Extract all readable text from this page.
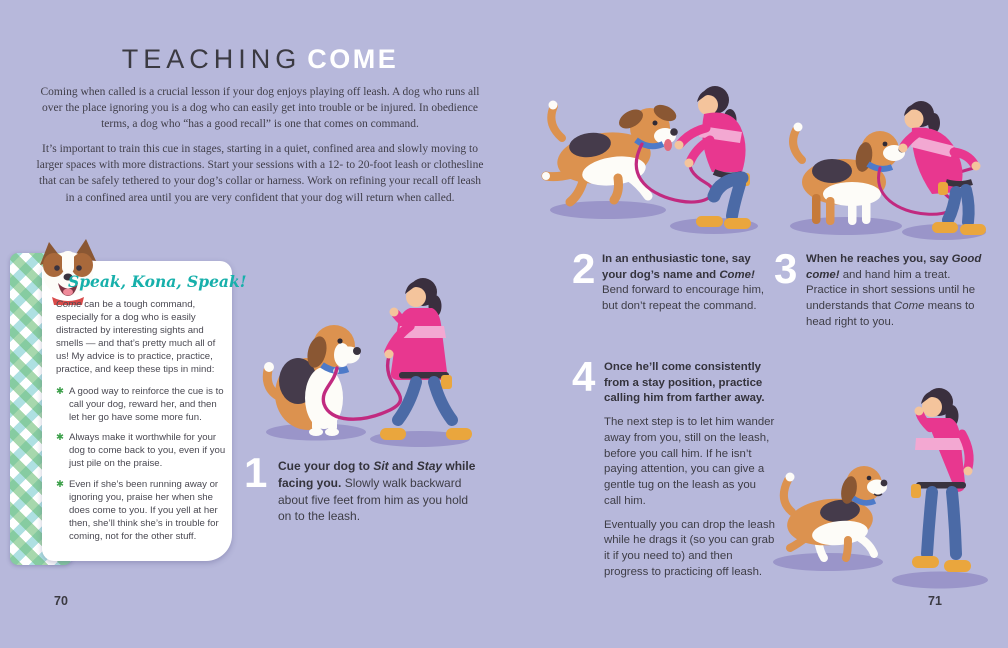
TEACHING COME

Coming when called is a crucial lesson if your dog enjoys playing off leash. A dog who runs all over the place ignoring you is a dog who can easily get into trouble or be injured. In obedience terms, a dog who “has a good recall” is one that comes on command.

It’s important to train this cue in stages, starting in a quiet, confined area and slowly moving to larger spaces with more distractions. Start your sessions with a 12- to 20-foot leash or clothesline that can be safely tethered to your dog’s collar or harness. Work on refining your recall off leash in a confined area until you are very confident that your dog will return when called.

Speak, Kona, Speak!

Come can be a tough command, especially for a dog who is easily distracted by interesting sights and smells — and that’s pretty much all of us! My advice is to practice, practice, practice, and keep these tips in mind:

✱ A good way to reinforce the cue is to call your dog, reward her, and then let her go have some more fun.
✱ Always make it worthwhile for your dog to come back to you, even if you just pile on the praise.
✱ Even if she’s been running away or ignoring you, praise her when she does come to you. If you yell at her then, she’ll think she’s in trouble for coming, not for the other stuff.
1 Cue your dog to Sit and Stay while facing you. Slowly walk backward about five feet from him as you hold on to the leash.
70
2 In an enthusiastic tone, say your dog’s name and Come! Bend forward to encourage him, but don’t repeat the command.
3 When he reaches you, say Good come! and hand him a treat. Practice in short sessions until he understands that Come means to head right to you.
4 Once he’ll come consistently from a stay position, practice calling him from farther away.

The next step is to let him wander away from you, still on the leash, before you call him. If he isn’t paying attention, you can give a gentle tug on the leash as you call him.

Eventually you can drop the leash while he drags it (so you can grab it if you need to) and then progress to practicing off leash.

71
